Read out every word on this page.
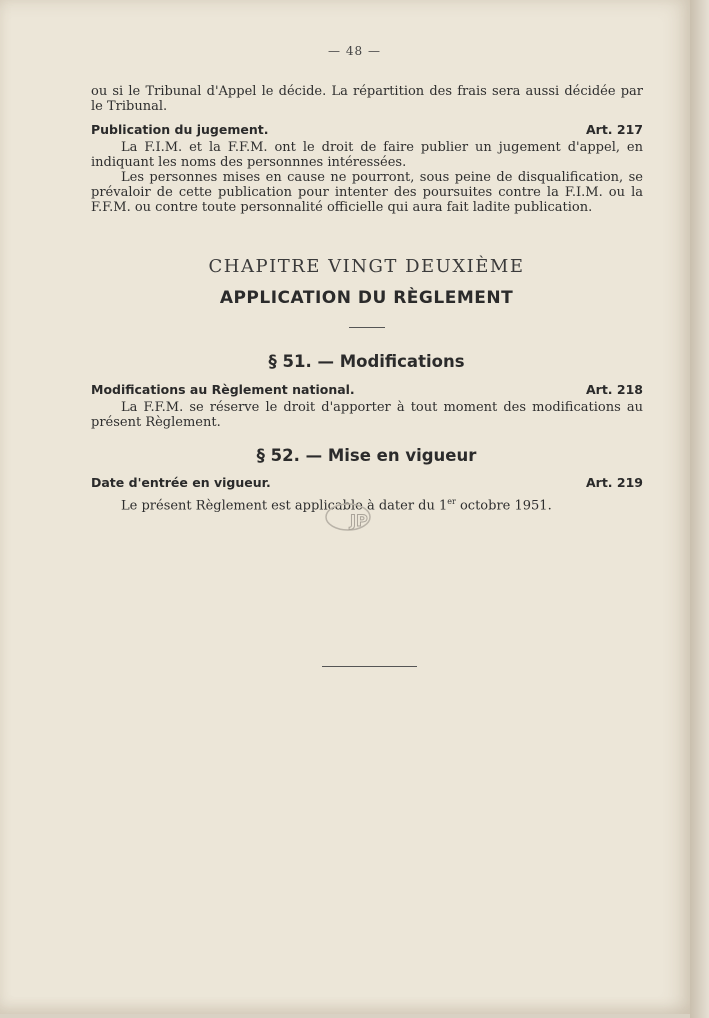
— 48 —

ou si le Tribunal d'Appel le décide. La répartition des frais sera aussi décidée par le Tribunal.

Publication du jugement.	Art. 217

La F.I.M. et la F.F.M. ont le droit de faire publier un jugement d'appel, en indiquant les noms des personnnes intéressées.

Les personnes mises en cause ne pourront, sous peine de disqualification, se prévaloir de cette publication pour intenter des poursuites contre la F.I.M. ou la F.F.M. ou contre toute personnalité officielle qui aura fait ladite publication.

CHAPITRE VINGT DEUXIÈME
APPLICATION DU RÈGLEMENT
§ 51. — Modifications
Modifications au Règlement national.	Art. 218

La F.F.M. se réserve le droit d'apporter à tout moment des modifications au présent Règlement.

§ 52. — Mise en vigueur
Date d'entrée en vigueur.	Art. 219

Le présent Règlement est applicable à dater du 1er octobre 1951.

JP
